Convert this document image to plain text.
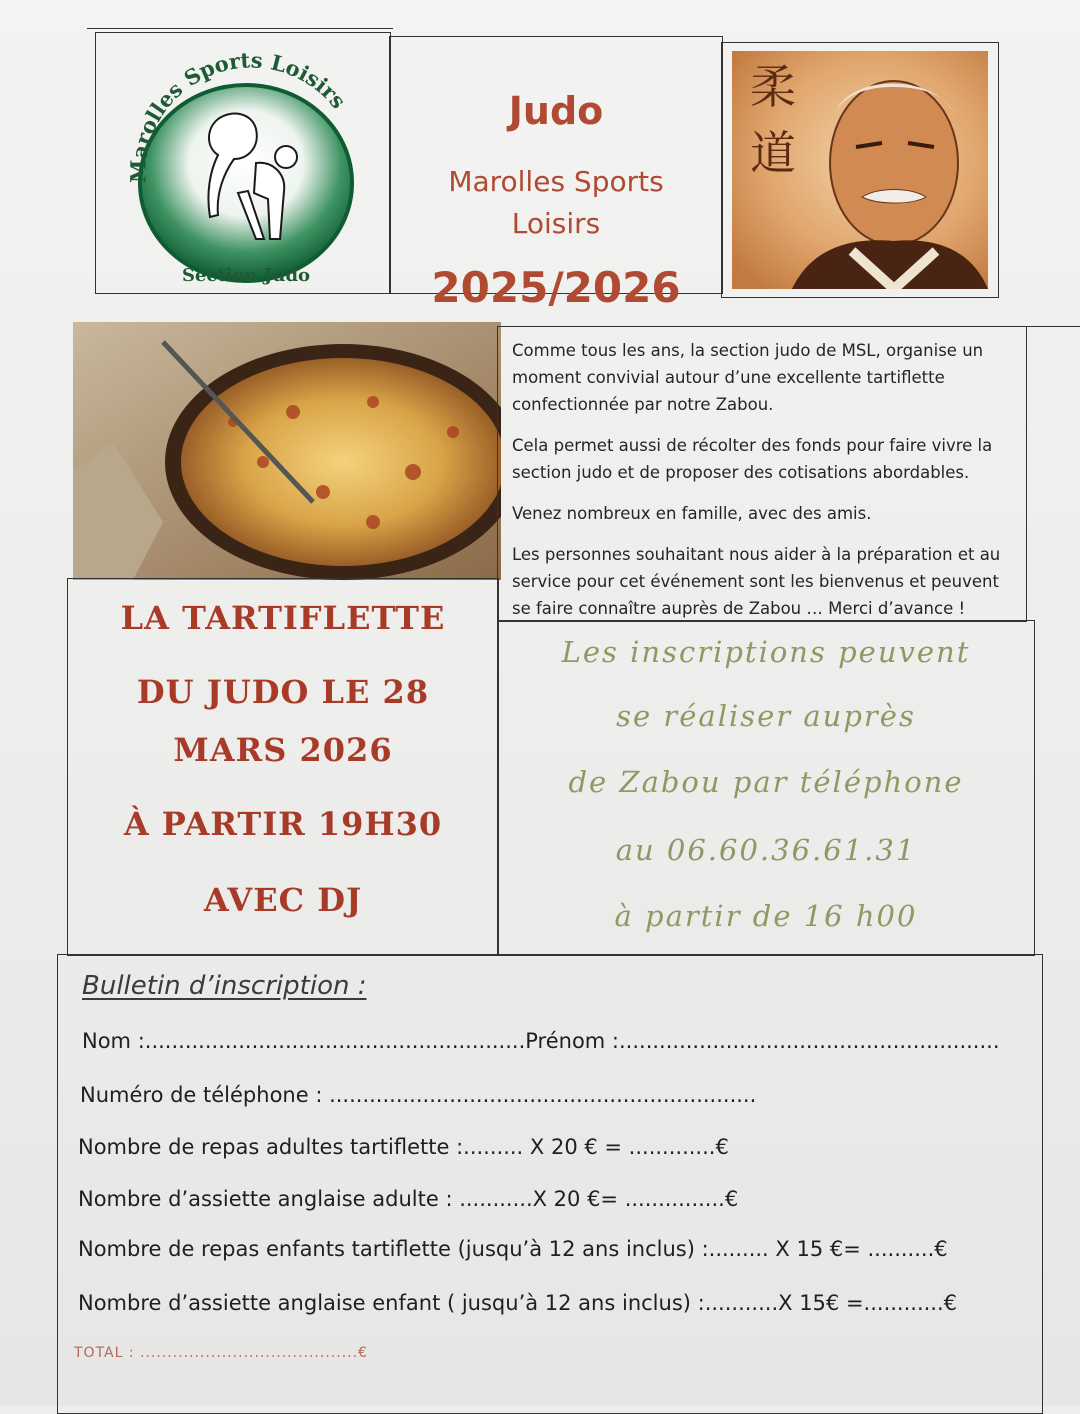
Marolles Sports Loisirs
Section Judo
Judo
Marolles Sports
Loisirs
2025/2026
柔
道

Comme tous les ans, la section judo de MSL, organise un moment convivial autour d’une excellente tartiflette confectionnée par notre Zabou.

Cela permet aussi de récolter des fonds pour faire vivre la section judo et de proposer des cotisations abordables.

Venez nombreux en famille, avec des amis.

Les personnes souhaitant nous aider à la préparation et au service pour cet événement sont les bienvenus et peuvent se faire connaître auprès de Zabou … Merci d’avance !

LA TARTIFLETTE
DU JUDO LE 28
MARS 2026
À PARTIR 19H30
AVEC DJ
Les inscriptions peuvent
se réaliser auprès
de Zabou par téléphone
au 06.60.36.61.31
à partir de 16 h00
Bulletin d’inscription :
Nom :.........................................................Prénom :.........................................................
Numéro de téléphone : ................................................................
Nombre de repas adultes tartiflette :......... X 20 € = .............€
Nombre d’assiette anglaise adulte : ...........X 20 €= ...............€
Nombre de repas enfants tartiflette (jusqu’à 12 ans inclus) :......... X 15 €= ..........€
Nombre d’assiette anglaise enfant ( jusqu’à 12 ans inclus) :...........X 15€ =............€
TOTAL : ........................................€
